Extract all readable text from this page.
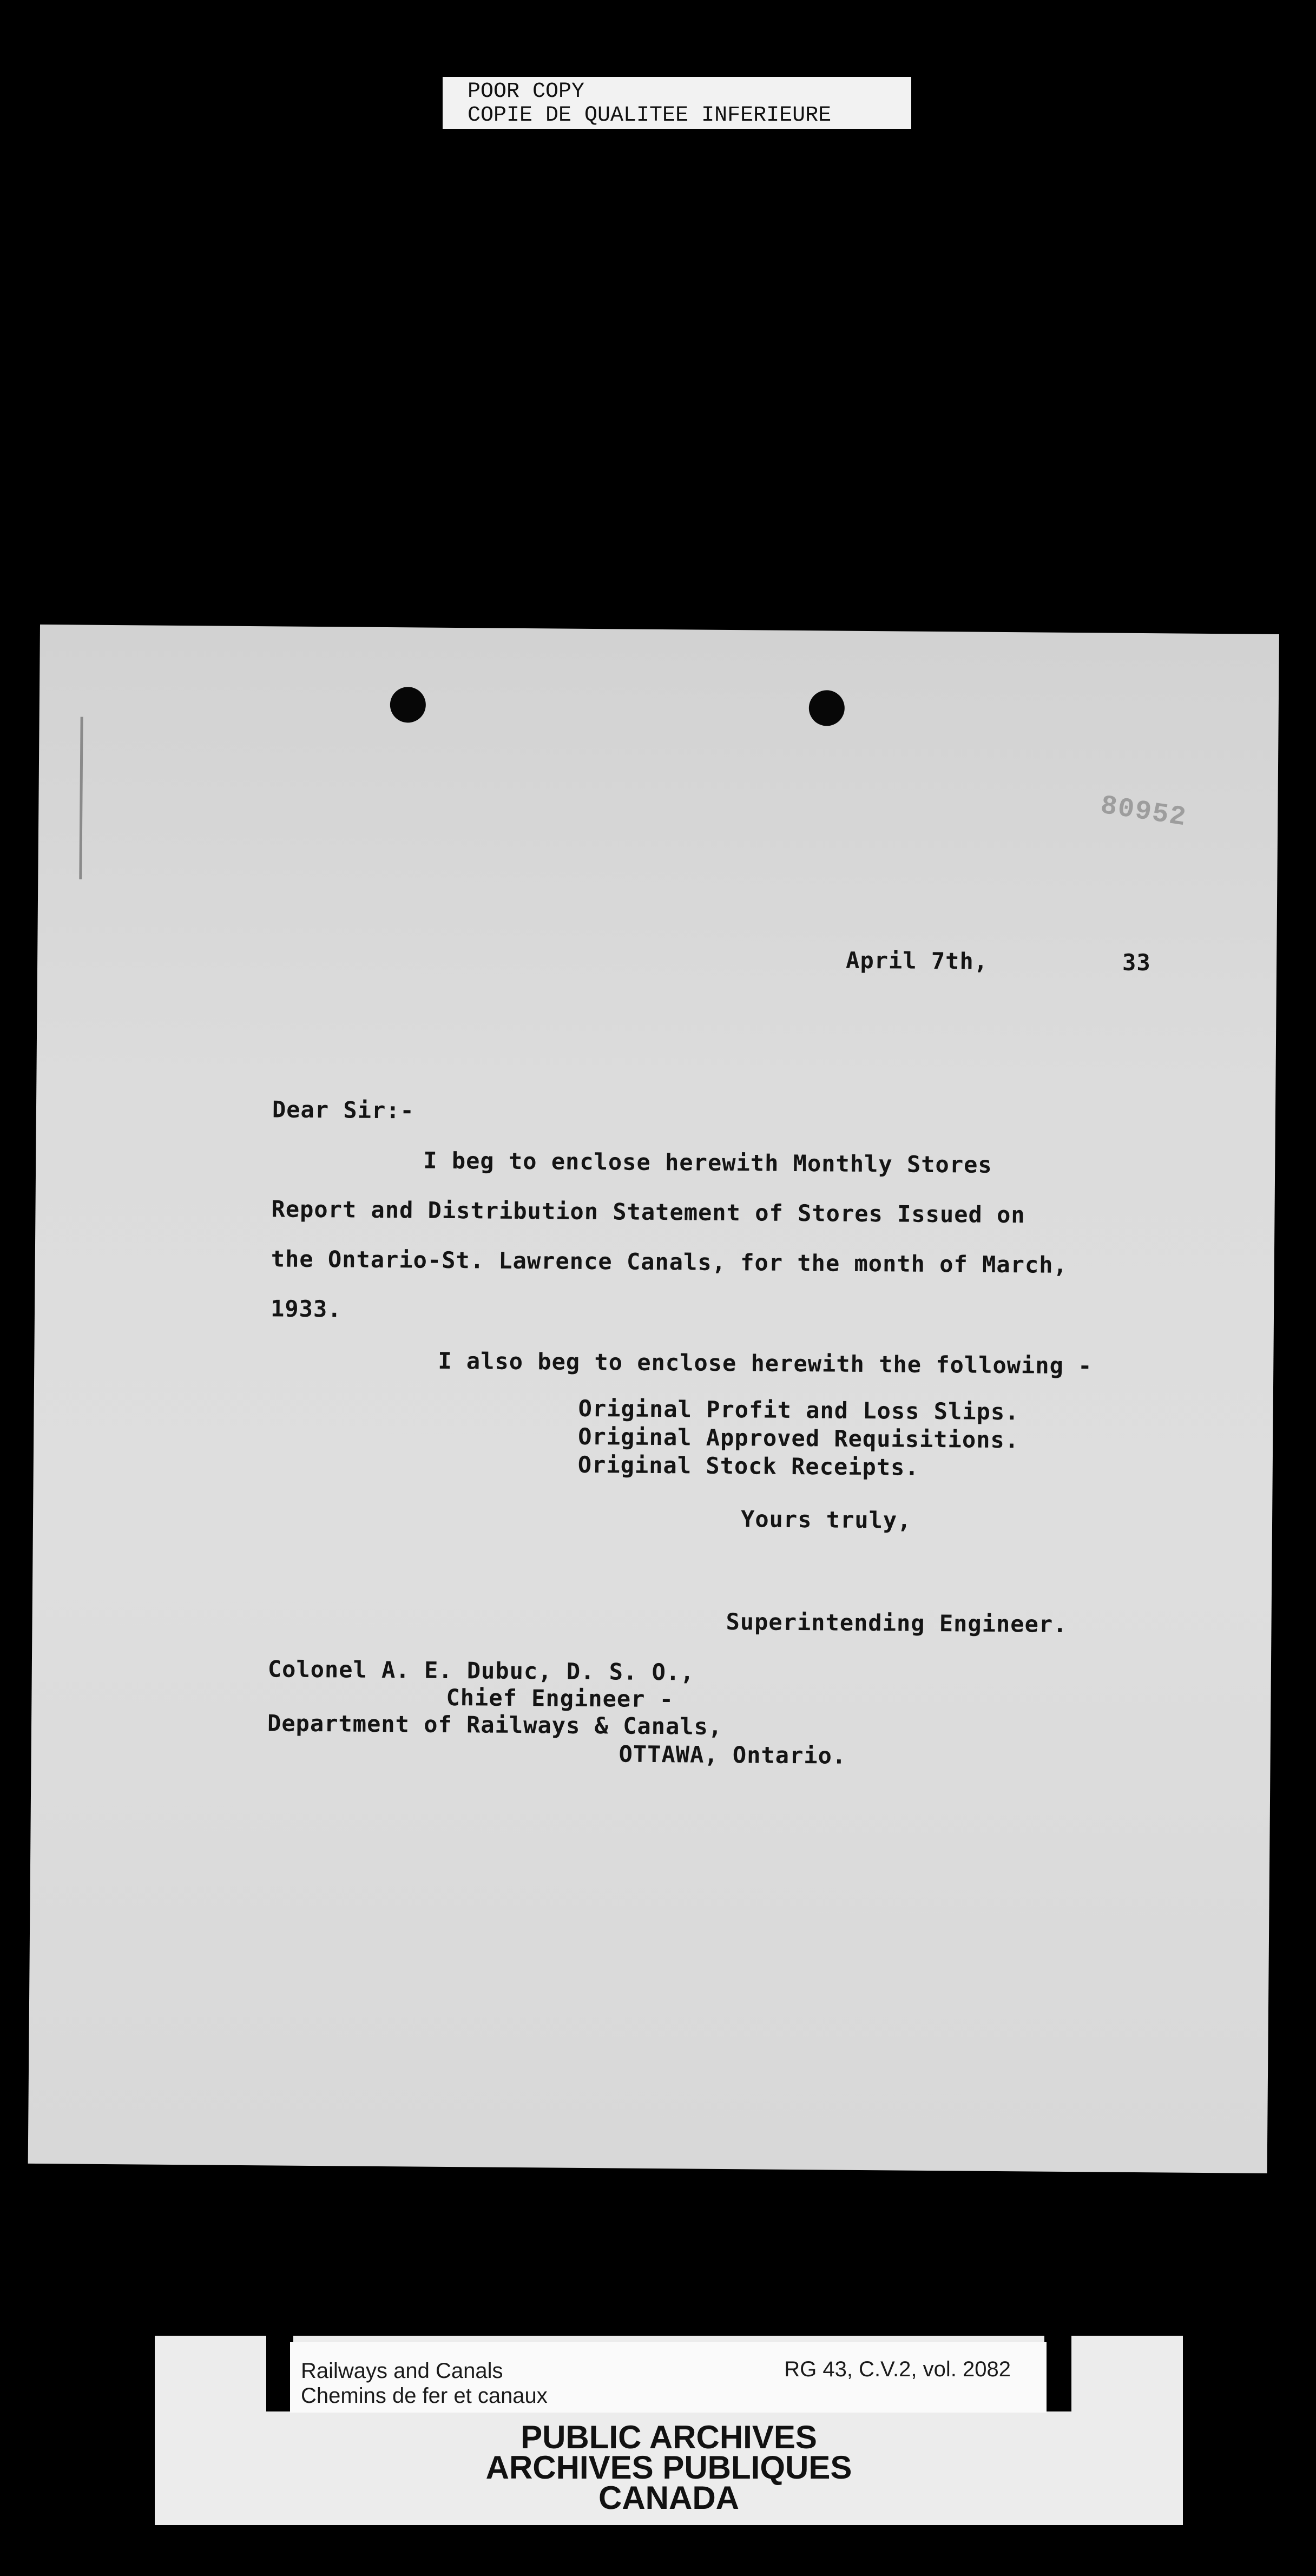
POOR COPY
COPIE DE QUALITEE INFERIEURE
80952
April 7th,	33
Dear Sir:-
I beg to enclose herewith Monthly Stores
Report and Distribution Statement of Stores Issued on
the Ontario-St. Lawrence Canals, for the month of March,
1933.
I also beg to enclose herewith the following -
Original Profit and Loss Slips.
Original Approved Requisitions.
Original Stock Receipts.
Yours truly,
Superintending Engineer.
Colonel A. E. Dubuc, D. S. O.,
Chief Engineer -
Department of Railways & Canals,
OTTAWA, Ontario.
Railways and Canals
Chemins de fer et canaux
RG 43, C.V.2, vol. 2082
PUBLIC ARCHIVES
ARCHIVES PUBLIQUES
CANADA
